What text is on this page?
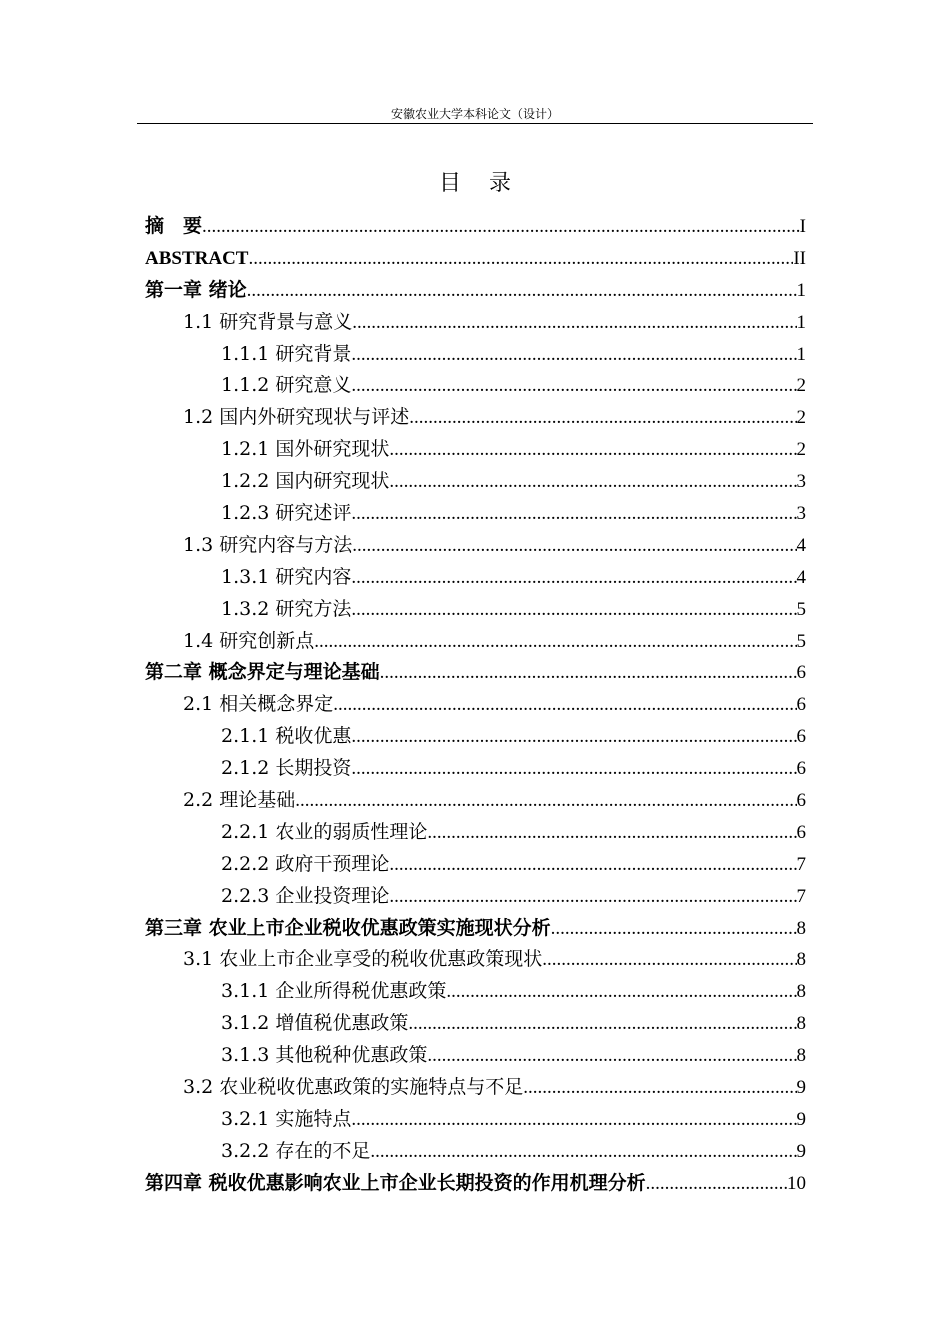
安徽农业大学本科论文（设计）
目 录
摘　要 .....	I
ABSTRACT .....	II
第一章 绪论 .....	1
1.1 研究背景与意义 .....	1
1.1.1 研究背景 .....	1
1.1.2 研究意义 .....	2
1.2 国内外研究现状与评述 .....	2
1.2.1 国外研究现状 .....	2
1.2.2 国内研究现状 .....	3
1.2.3 研究述评 .....	3
1.3 研究内容与方法 .....	4
1.3.1 研究内容 .....	4
1.3.2 研究方法 .....	5
1.4 研究创新点 .....	5
第二章 概念界定与理论基础 .....	6
2.1 相关概念界定 .....	6
2.1.1 税收优惠 .....	6
2.1.2 长期投资 .....	6
2.2 理论基础 .....	6
2.2.1 农业的弱质性理论 .....	6
2.2.2 政府干预理论 .....	7
2.2.3 企业投资理论 .....	7
第三章 农业上市企业税收优惠政策实施现状分析 .....	8
3.1 农业上市企业享受的税收优惠政策现状 .....	8
3.1.1 企业所得税优惠政策 .....	8
3.1.2 增值税优惠政策 .....	8
3.1.3 其他税种优惠政策 .....	8
3.2 农业税收优惠政策的实施特点与不足 .....	9
3.2.1 实施特点 .....	9
3.2.2 存在的不足 .....	9
第四章 税收优惠影响农业上市企业长期投资的作用机理分析 .....	10
